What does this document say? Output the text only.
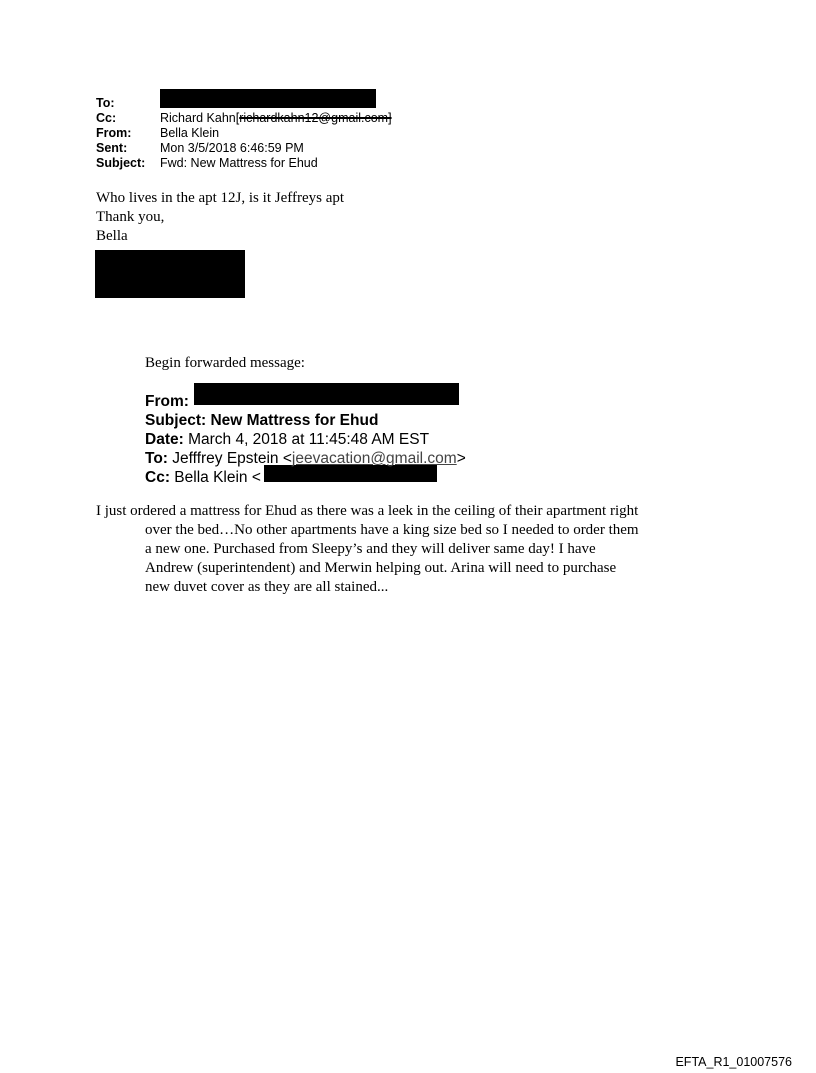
To:
Cc:	Richard Kahn[richardkahn12@gmail.com]
From:	Bella Klein
Sent:	Mon 3/5/2018 6:46:59 PM
Subject:	Fwd: New Mattress for Ehud
Who lives in the apt 12J, is it Jeffreys apt
Thank you,
Bella
Begin forwarded message:
From:
Subject: New Mattress for Ehud
Date: March 4, 2018 at 11:45:48 AM EST
To: Jefffrey Epstein <jeevacation@gmail.com>
Cc: Bella Klein <
I just ordered a mattress for Ehud as there was a leek in the ceiling of their apartment right
over the bed…No other apartments have a king size bed so I needed to order them
a new one. Purchased from Sleepy’s and they will deliver same day! I have
Andrew (superintendent) and Merwin helping out. Arina will need to purchase
new duvet cover as they are all stained...
EFTA_R1_01007576
